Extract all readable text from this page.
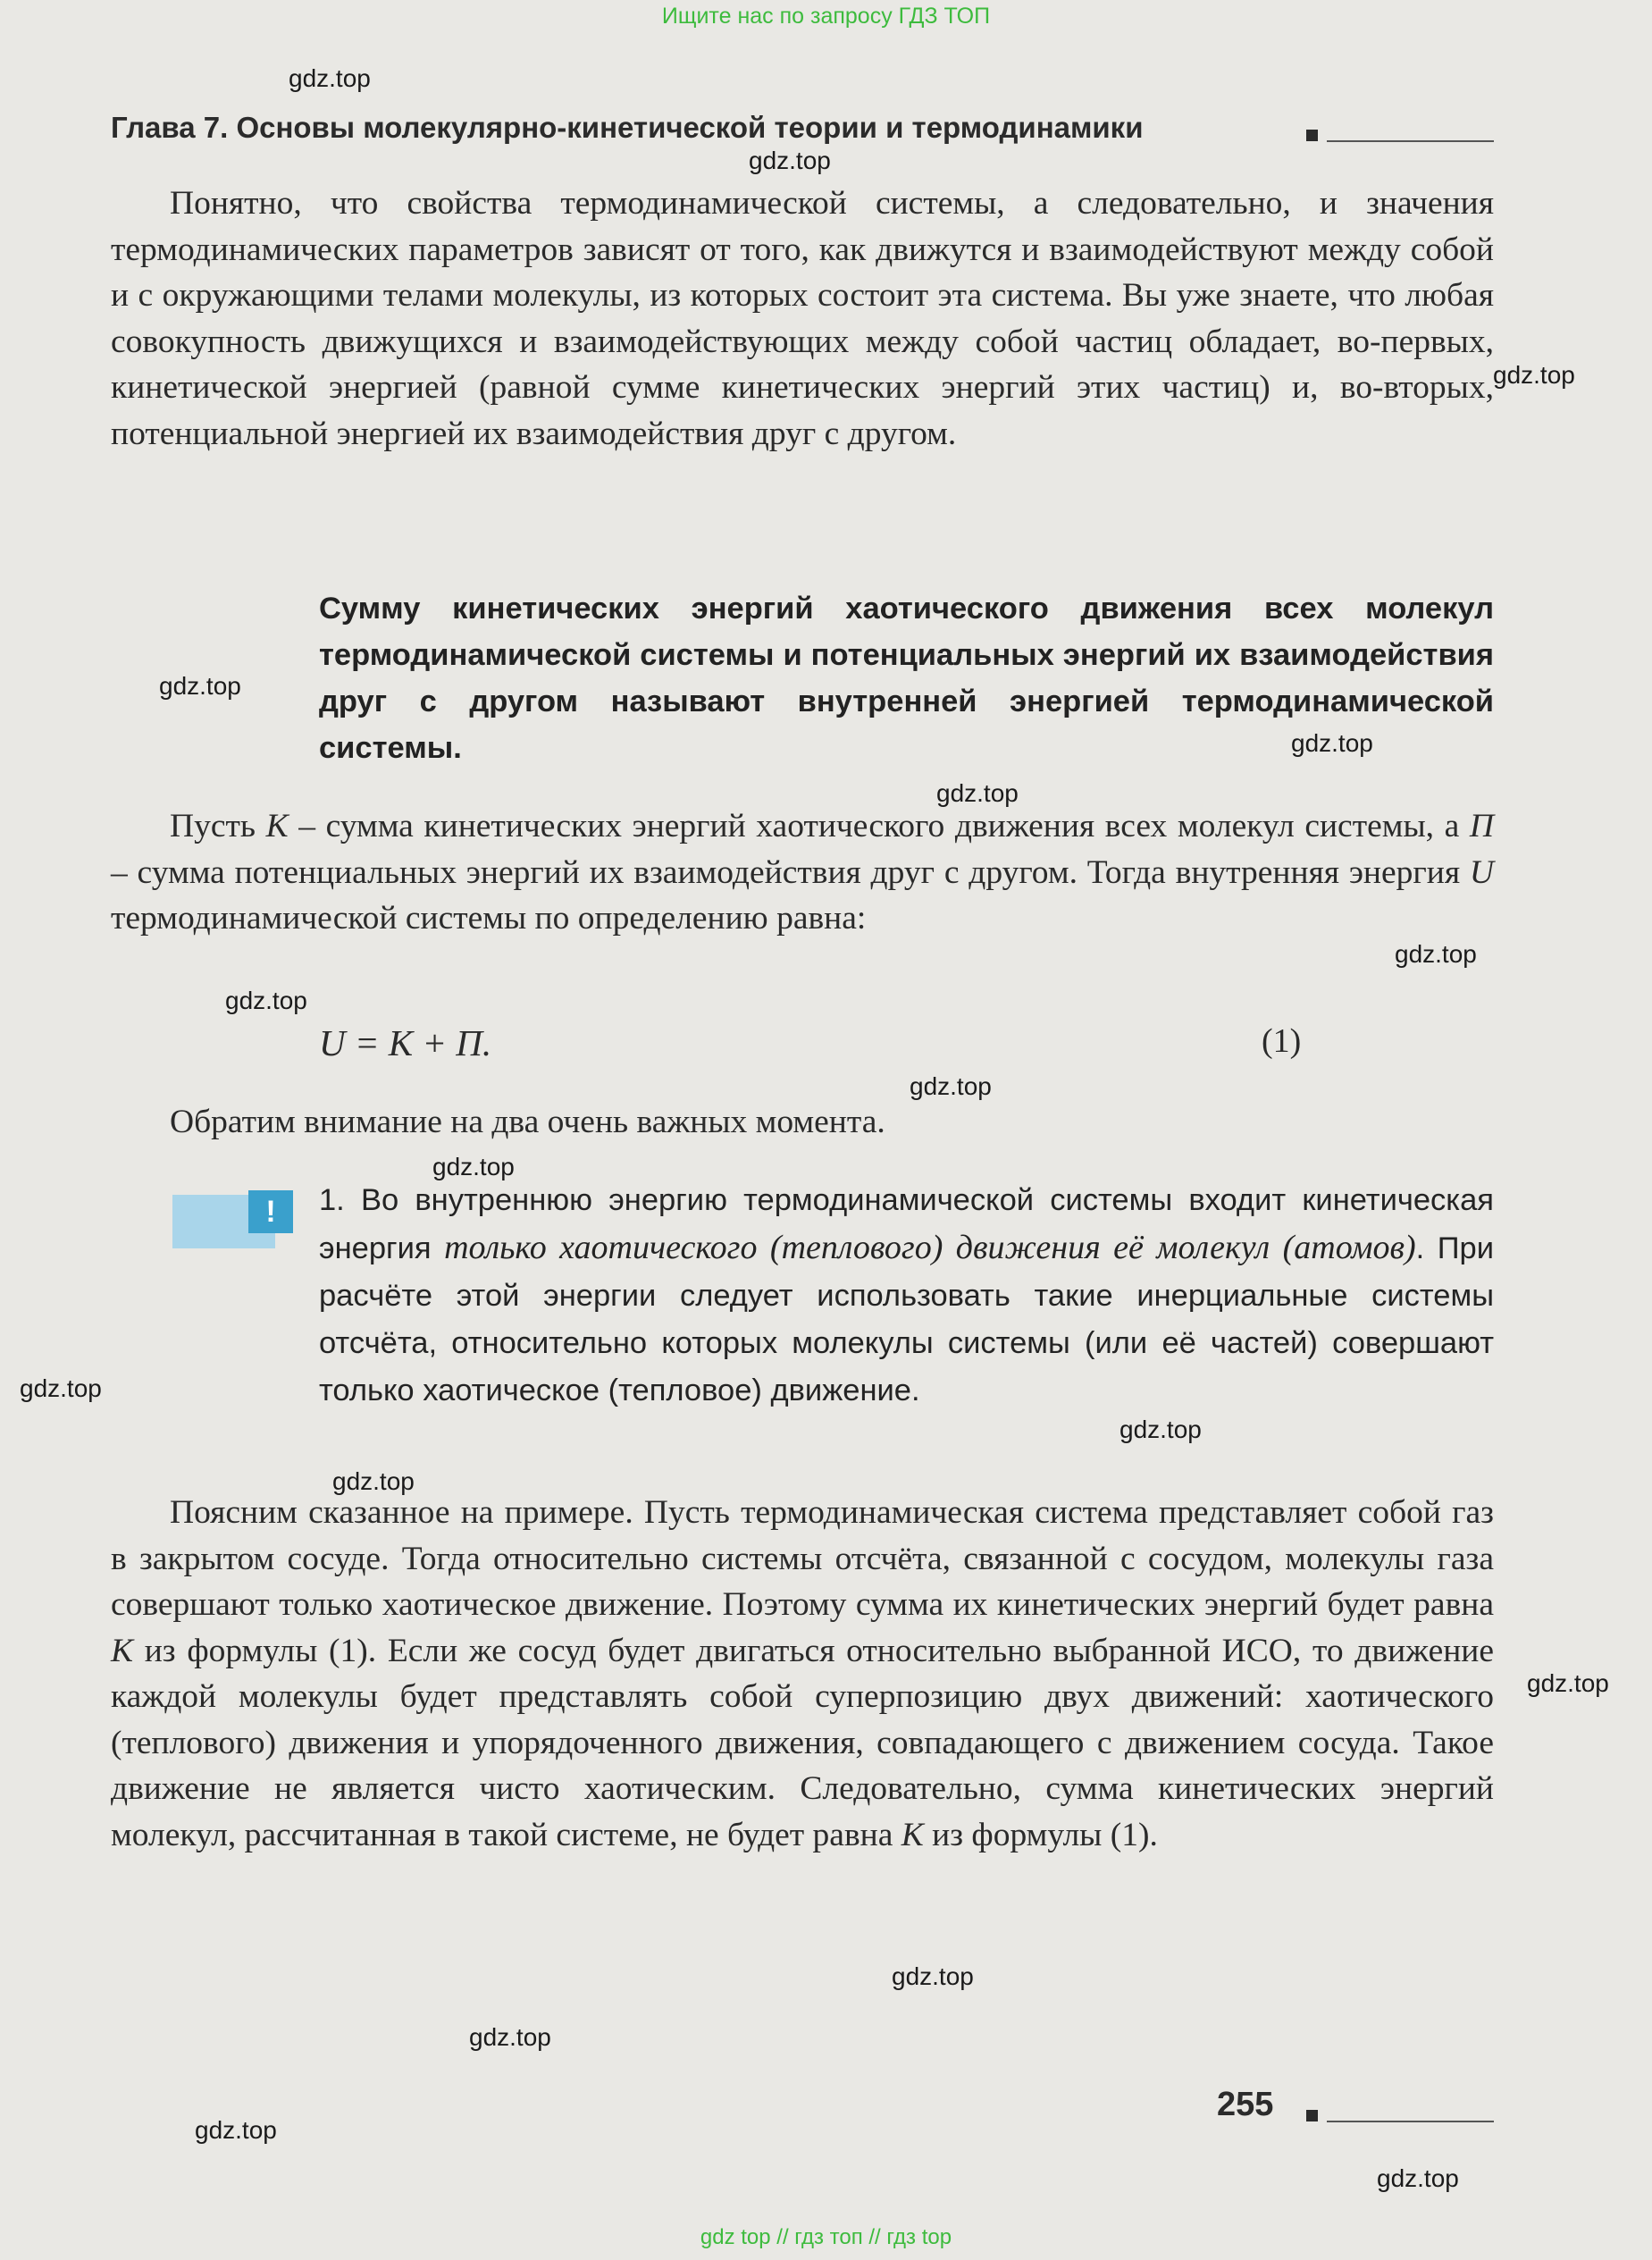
Ищите нас по запросу ГДЗ ТОП
Глава 7. Основы молекулярно-кинетической теории и термодинамики
Понятно, что свойства термодинамической системы, а следовательно, и значения термодинамических параметров зависят от того, как движутся и взаимодействуют между собой и с окружающими телами молекулы, из которых состоит эта система. Вы уже знаете, что любая совокупность движущихся и взаимодействующих между собой частиц обладает, во-первых, кинетической энергией (равной сумме кинетических энергий этих частиц) и, во-вторых, потенциальной энергией их взаимодействия друг с другом.
Сумму кинетических энергий хаотического движения всех молекул термодинамической системы и потенциальных энергий их взаимодействия друг с другом называют внутренней энергией термодинамической системы.
Пусть K – сумма кинетических энергий хаотического движения всех молекул системы, а П – сумма потенциальных энергий их взаимодействия друг с другом. Тогда внутренняя энергия U термодинамической системы по определению равна:
U = K + П.	(1)
Обратим внимание на два очень важных момента.
!	1. Во внутреннюю энергию термодинамической системы входит кинетическая энергия только хаотического (теплового) движения её молекул (атомов). При расчёте этой энергии следует использовать такие инерциальные системы отсчёта, относительно которых молекулы системы (или её частей) совершают только хаотическое (тепловое) движение.
Поясним сказанное на примере. Пусть термодинамическая система представляет собой газ в закрытом сосуде. Тогда относительно системы отсчёта, связанной с сосудом, молекулы газа совершают только хаотическое движение. Поэтому сумма их кинетических энергий будет равна K из формулы (1). Если же сосуд будет двигаться относительно выбранной ИСО, то движение каждой молекулы будет представлять собой суперпозицию двух движений: хаотического (теплового) движения и упорядоченного движения, совпадающего с движением сосуда. Такое движение не является чисто хаотическим. Следовательно, сумма кинетических энергий молекул, рассчитанная в такой системе, не будет равна K из формулы (1).
255
gdz.top
gdz.top
gdz.top
gdz.top
gdz.top
gdz.top
gdz.top
gdz.top
gdz.top
gdz.top
gdz.top
gdz.top
gdz.top
gdz.top
gdz.top
gdz.top
gdz.top
gdz.top
gdz top // гдз топ // гдз top
